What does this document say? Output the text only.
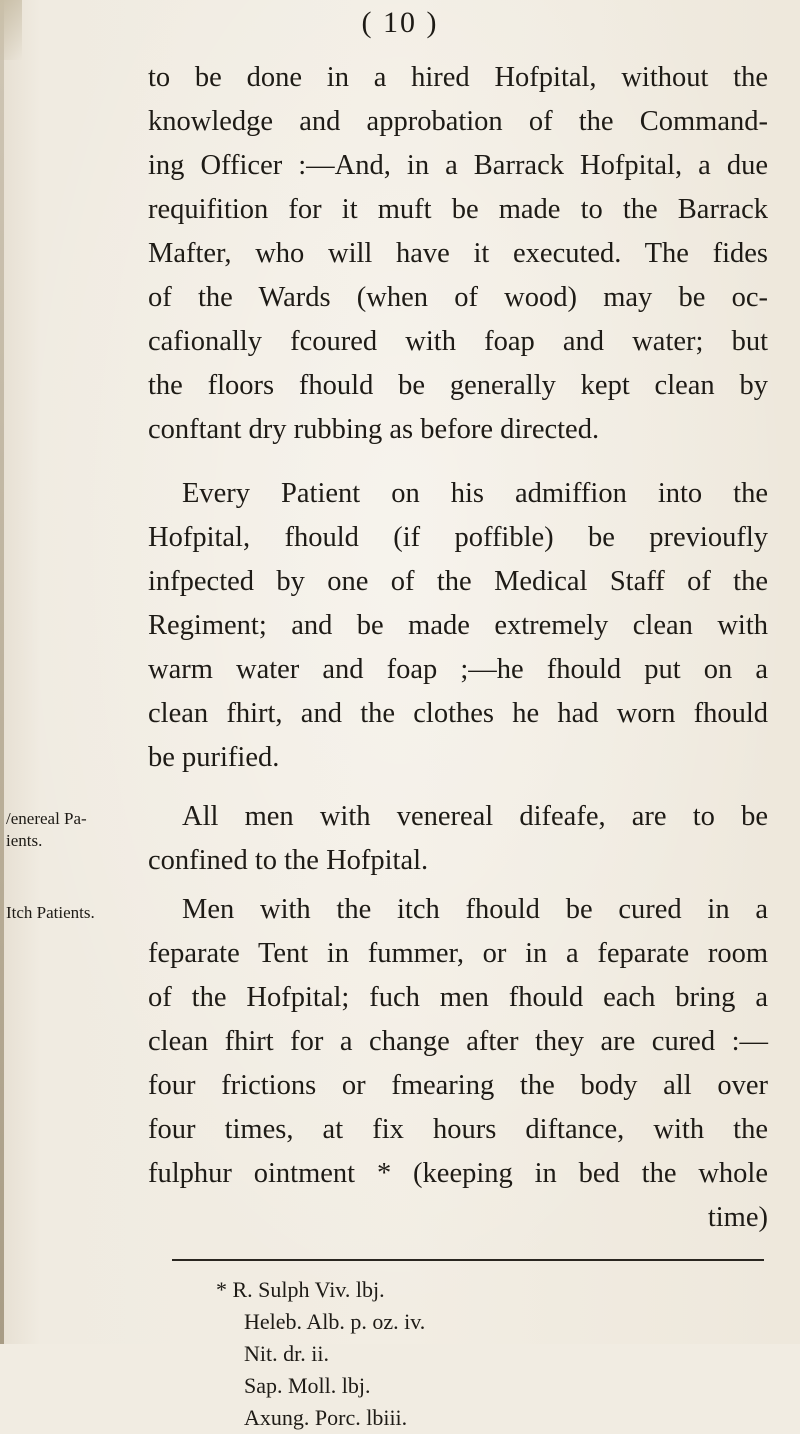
( 10 )
to be done in a hired Hofpital, without the
knowledge and approbation of the Command-
ing Officer :—And, in a Barrack Hofpital, a due
requifition for it muft be made to the Barrack
Mafter, who will have it executed. The fides
of the Wards (when of wood) may be oc-
cafionally fcoured with foap and water; but
the floors fhould be generally kept clean by
conftant dry rubbing as before directed.
Every Patient on his admiffion into the
Hofpital, fhould (if poffible) be previoufly
infpected by one of the Medical Staff of the
Regiment; and be made extremely clean with
warm water and foap ;—he fhould put on a
clean fhirt, and the clothes he had worn fhould
be purified.
/enereal Pa-
ients.
All men with venereal difeafe, are to be
confined to the Hofpital.
Itch Patients.	Men with the itch fhould be cured in a
feparate Tent in fummer, or in a feparate room
of the Hofpital; fuch men fhould each bring a
clean fhirt for a change after they are cured :—
four frictions or fmearing the body all over
four times, at fix hours diftance, with the
fulphur ointment * (keeping in bed the whole
time)
* R. Sulph Viv. lbj.
Heleb. Alb. p. oz. iv.
Nit. dr. ii.
Sap. Moll. lbj.
Axung. Porc. lbiii.
